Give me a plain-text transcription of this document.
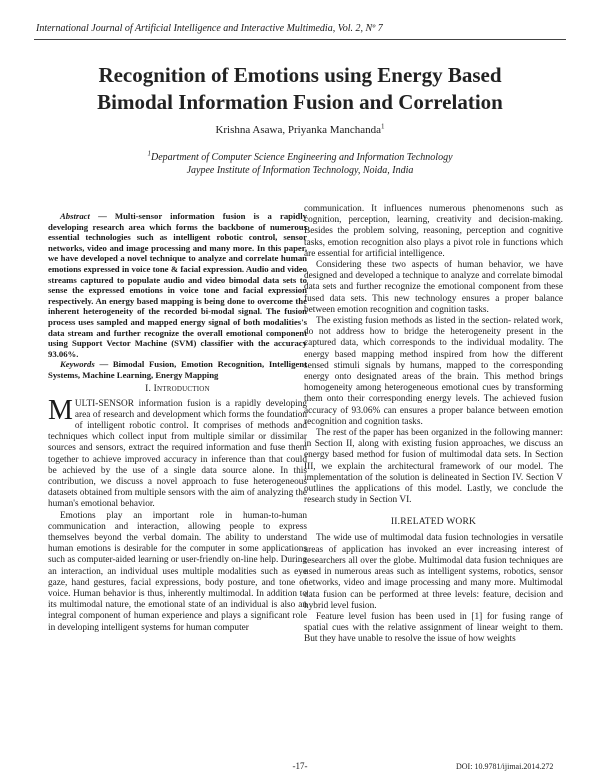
International Journal of Artificial Intelligence and Interactive Multimedia, Vol. 2, Nº 7
Recognition of Emotions using Energy Based
Bimodal Information Fusion and Correlation
Krishna Asawa, Priyanka Manchanda$^1$
$^1$Department of Computer Science Engineering and Information Technology
Jaypee Institute of Information Technology, Noida, India

Abstract — Multi-sensor information fusion is a rapidly developing research area which forms the backbone of numerous essential technologies such as intelligent robotic control, sensor networks, video and image processing and many more. In this paper, we have developed a novel technique to analyze and correlate human emotions expressed in voice tone & facial expression. Audio and video streams captured to populate audio and video bimodal data sets to sense the expressed emotions in voice tone and facial expression respectively. An energy based mapping is being done to overcome the inherent heterogeneity of the recorded bi-modal signal. The fusion process uses sampled and mapped energy signal of both modalities's data stream and further recognize the overall emotional component using Support Vector Machine (SVM) classifier with the accuracy 93.06%.

Keywords — Bimodal Fusion, Emotion Recognition, Intelligent Systems, Machine Learning, Energy Mapping

I. Introduction

MULTI-SENSOR information fusion is a rapidly developing area of research and development which forms the foundation of intelligent robotic control. It comprises of methods and techniques which collect input from multiple similar or dissimilar sources and sensors, extract the required information and fuse them together to achieve improved accuracy in inference than that could be achieved by the use of a single data source alone. In this contribution, we discuss a novel approach to fuse heterogeneous datasets obtained from multiple sensors with the aim of analyzing the human's emotional behavior.

Emotions play an important role in human-to-human communication and interaction, allowing people to express themselves beyond the verbal domain. The ability to understand human emotions is desirable for the computer in some applications such as computer-aided learning or user-friendly on-line help. During an interaction, an individual uses multiple modalities such as eye gaze, hand gestures, facial expressions, body posture, and tone of voice. Human behavior is thus, inherently multimodal. In addition to its multimodal nature, the emotional state of an individual is also an integral component of human experience and plays a significant role in developing intelligent systems for human computer

communication. It influences numerous phenomenons such as cognition, perception, learning, creativity and decision-making. Besides the problem solving, reasoning, perception and cognitive tasks, emotion recognition also plays a pivot role in functions which are essential for artificial intelligence.

Considering these two aspects of human behavior, we have designed and developed a technique to analyze and correlate bimodal data sets and further recognize the emotional component from these fused data sets. This new technology ensures a proper balance between emotion recognition and cognition tasks.

The existing fusion methods as listed in the section- related work, do not address how to bridge the heterogeneity present in the captured data, which corresponds to the individual modality. The energy based mapping method inspired from how the different sensed stimuli signals by humans, mapped to the corresponding energy onto designated areas of the brain. This method brings homogeneity among heterogeneous emotional cues by transforming them onto their corresponding energy levels. The achieved fusion accuracy of 93.06% can ensures a proper balance between emotion recognition and cognition tasks.

The rest of the paper has been organized in the following manner: in Section II, along with existing fusion approaches, we discuss an energy based method for fusion of multimodal data sets. In Section III, we explain the architectural framework of our model. The implementation of the solution is delineated in Section IV. Section V outlines the applications of this model. Lastly, we conclude the research study in Section VI.

II.RELATED WORK

The wide use of multimodal data fusion technologies in versatile areas of application has invoked an ever increasing interest of researchers all over the globe. Multimodal data fusion techniques are used in numerous areas such as intelligent systems, robotics, sensor networks, video and image processing and many more. Multimodal data fusion can be performed at three levels: feature, decision and hybrid level fusion.

Feature level fusion has been used in [1] for fusing range of spatial cues with the relative assignment of linear weight to them. But they have unable to resolve the issue of how weights

-17-	DOI: 10.9781/ijimai.2014.272
